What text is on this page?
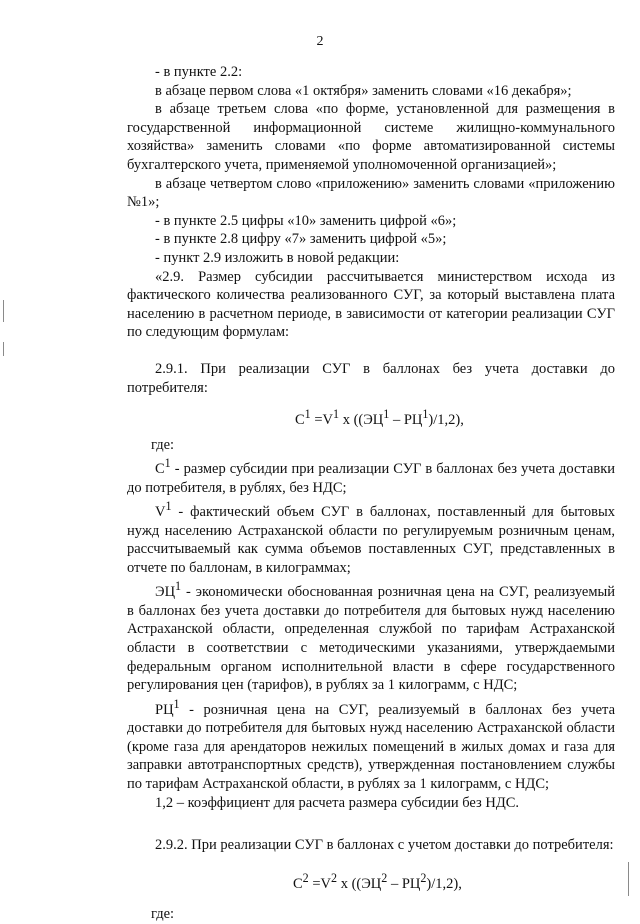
2

- в пункте 2.2:

в абзаце первом слова «1 октября» заменить словами «16 декабря»;

в абзаце третьем слова «по форме, установленной для размещения в государственной информационной системе жилищно-коммунального хозяйства» заменить словами «по форме автоматизированной системы бухгалтерского учета, применяемой уполномоченной организацией»;

в абзаце четвертом слово «приложению» заменить словами «приложению №1»;

- в пункте 2.5 цифры «10» заменить цифрой «6»;

- в пункте 2.8 цифру «7» заменить цифрой «5»;

- пункт 2.9 изложить в новой редакции:

«2.9. Размер субсидии рассчитывается министерством исхода из фактического количества реализованного СУГ, за который выставлена плата населению в расчетном периоде, в зависимости от категории реализации СУГ по следующим формулам:

2.9.1. При реализации СУГ в баллонах без учета доставки до потребителя:

$С^1 =V^1$ х $((ЭЦ^1 - РЦ^1)/1,2)$,

где:

$С^1$ - размер субсидии при реализации СУГ в баллонах без учета доставки до потребителя, в рублях, без НДС;

$V^1$ - фактический объем СУГ в баллонах, поставленный для бытовых нужд населению Астраханской области по регулируемым розничным ценам, рассчитываемый как сумма объемов поставленных СУГ, представленных в отчете по баллонам, в килограммах;

$ЭЦ^1$ - экономически обоснованная розничная цена на СУГ, реализуемый в баллонах без учета доставки до потребителя для бытовых нужд населению Астраханской области, определенная службой по тарифам Астраханской области в соответствии с методическими указаниями, утверждаемыми федеральным органом исполнительной власти в сфере государственного регулирования цен (тарифов), в рублях за 1 килограмм, с НДС;

$РЦ^1$ - розничная цена на СУГ, реализуемый в баллонах без учета доставки до потребителя для бытовых нужд населению Астраханской области (кроме газа для арендаторов нежилых помещений в жилых домах и газа для заправки автотранспортных средств), утвержденная постановлением службы по тарифам Астраханской области, в рублях за 1 килограмм, с НДС;

1,2 – коэффициент для расчета размера субсидии без НДС.

2.9.2. При реализации СУГ в баллонах с учетом доставки до потребителя:

$С^2 =V^2$ х $((ЭЦ^2 - РЦ^2)/1,2)$,

где:
